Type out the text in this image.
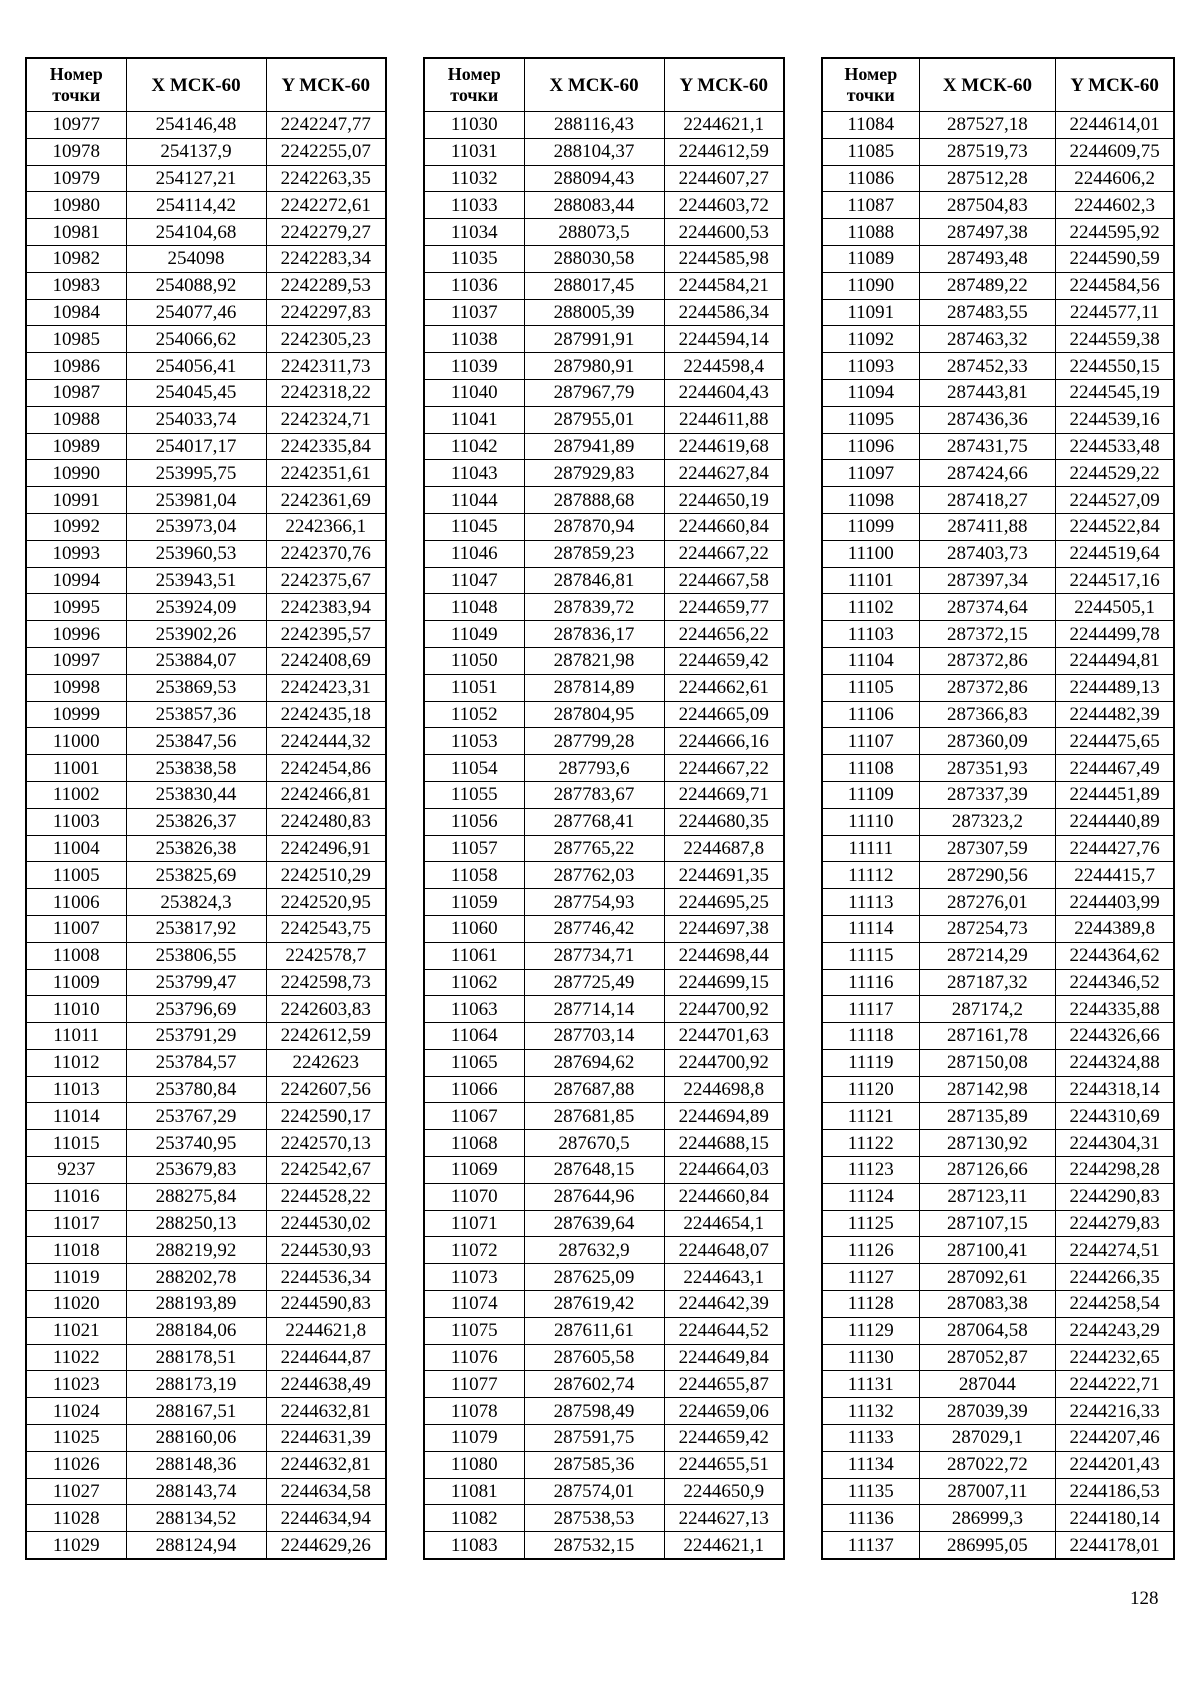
Номер точки	X МСК-60	Y МСК-60
10977	254146,48	2242247,77
10978	254137,9	2242255,07
10979	254127,21	2242263,35
10980	254114,42	2242272,61
10981	254104,68	2242279,27
10982	254098	2242283,34
10983	254088,92	2242289,53
10984	254077,46	2242297,83
10985	254066,62	2242305,23
10986	254056,41	2242311,73
10987	254045,45	2242318,22
10988	254033,74	2242324,71
10989	254017,17	2242335,84
10990	253995,75	2242351,61
10991	253981,04	2242361,69
10992	253973,04	2242366,1
10993	253960,53	2242370,76
10994	253943,51	2242375,67
10995	253924,09	2242383,94
10996	253902,26	2242395,57
10997	253884,07	2242408,69
10998	253869,53	2242423,31
10999	253857,36	2242435,18
11000	253847,56	2242444,32
11001	253838,58	2242454,86
11002	253830,44	2242466,81
11003	253826,37	2242480,83
11004	253826,38	2242496,91
11005	253825,69	2242510,29
11006	253824,3	2242520,95
11007	253817,92	2242543,75
11008	253806,55	2242578,7
11009	253799,47	2242598,73
11010	253796,69	2242603,83
11011	253791,29	2242612,59
11012	253784,57	2242623
11013	253780,84	2242607,56
11014	253767,29	2242590,17
11015	253740,95	2242570,13
9237	253679,83	2242542,67
11016	288275,84	2244528,22
11017	288250,13	2244530,02
11018	288219,92	2244530,93
11019	288202,78	2244536,34
11020	288193,89	2244590,83
11021	288184,06	2244621,8
11022	288178,51	2244644,87
11023	288173,19	2244638,49
11024	288167,51	2244632,81
11025	288160,06	2244631,39
11026	288148,36	2244632,81
11027	288143,74	2244634,58
11028	288134,52	2244634,94
11029	288124,94	2244629,26
Номер точки	X МСК-60	Y МСК-60
11030	288116,43	2244621,1
11031	288104,37	2244612,59
11032	288094,43	2244607,27
11033	288083,44	2244603,72
11034	288073,5	2244600,53
11035	288030,58	2244585,98
11036	288017,45	2244584,21
11037	288005,39	2244586,34
11038	287991,91	2244594,14
11039	287980,91	2244598,4
11040	287967,79	2244604,43
11041	287955,01	2244611,88
11042	287941,89	2244619,68
11043	287929,83	2244627,84
11044	287888,68	2244650,19
11045	287870,94	2244660,84
11046	287859,23	2244667,22
11047	287846,81	2244667,58
11048	287839,72	2244659,77
11049	287836,17	2244656,22
11050	287821,98	2244659,42
11051	287814,89	2244662,61
11052	287804,95	2244665,09
11053	287799,28	2244666,16
11054	287793,6	2244667,22
11055	287783,67	2244669,71
11056	287768,41	2244680,35
11057	287765,22	2244687,8
11058	287762,03	2244691,35
11059	287754,93	2244695,25
11060	287746,42	2244697,38
11061	287734,71	2244698,44
11062	287725,49	2244699,15
11063	287714,14	2244700,92
11064	287703,14	2244701,63
11065	287694,62	2244700,92
11066	287687,88	2244698,8
11067	287681,85	2244694,89
11068	287670,5	2244688,15
11069	287648,15	2244664,03
11070	287644,96	2244660,84
11071	287639,64	2244654,1
11072	287632,9	2244648,07
11073	287625,09	2244643,1
11074	287619,42	2244642,39
11075	287611,61	2244644,52
11076	287605,58	2244649,84
11077	287602,74	2244655,87
11078	287598,49	2244659,06
11079	287591,75	2244659,42
11080	287585,36	2244655,51
11081	287574,01	2244650,9
11082	287538,53	2244627,13
11083	287532,15	2244621,1
Номер точки	X МСК-60	Y МСК-60
11084	287527,18	2244614,01
11085	287519,73	2244609,75
11086	287512,28	2244606,2
11087	287504,83	2244602,3
11088	287497,38	2244595,92
11089	287493,48	2244590,59
11090	287489,22	2244584,56
11091	287483,55	2244577,11
11092	287463,32	2244559,38
11093	287452,33	2244550,15
11094	287443,81	2244545,19
11095	287436,36	2244539,16
11096	287431,75	2244533,48
11097	287424,66	2244529,22
11098	287418,27	2244527,09
11099	287411,88	2244522,84
11100	287403,73	2244519,64
11101	287397,34	2244517,16
11102	287374,64	2244505,1
11103	287372,15	2244499,78
11104	287372,86	2244494,81
11105	287372,86	2244489,13
11106	287366,83	2244482,39
11107	287360,09	2244475,65
11108	287351,93	2244467,49
11109	287337,39	2244451,89
11110	287323,2	2244440,89
11111	287307,59	2244427,76
11112	287290,56	2244415,7
11113	287276,01	2244403,99
11114	287254,73	2244389,8
11115	287214,29	2244364,62
11116	287187,32	2244346,52
11117	287174,2	2244335,88
11118	287161,78	2244326,66
11119	287150,08	2244324,88
11120	287142,98	2244318,14
11121	287135,89	2244310,69
11122	287130,92	2244304,31
11123	287126,66	2244298,28
11124	287123,11	2244290,83
11125	287107,15	2244279,83
11126	287100,41	2244274,51
11127	287092,61	2244266,35
11128	287083,38	2244258,54
11129	287064,58	2244243,29
11130	287052,87	2244232,65
11131	287044	2244222,71
11132	287039,39	2244216,33
11133	287029,1	2244207,46
11134	287022,72	2244201,43
11135	287007,11	2244186,53
11136	286999,3	2244180,14
11137	286995,05	2244178,01
128
